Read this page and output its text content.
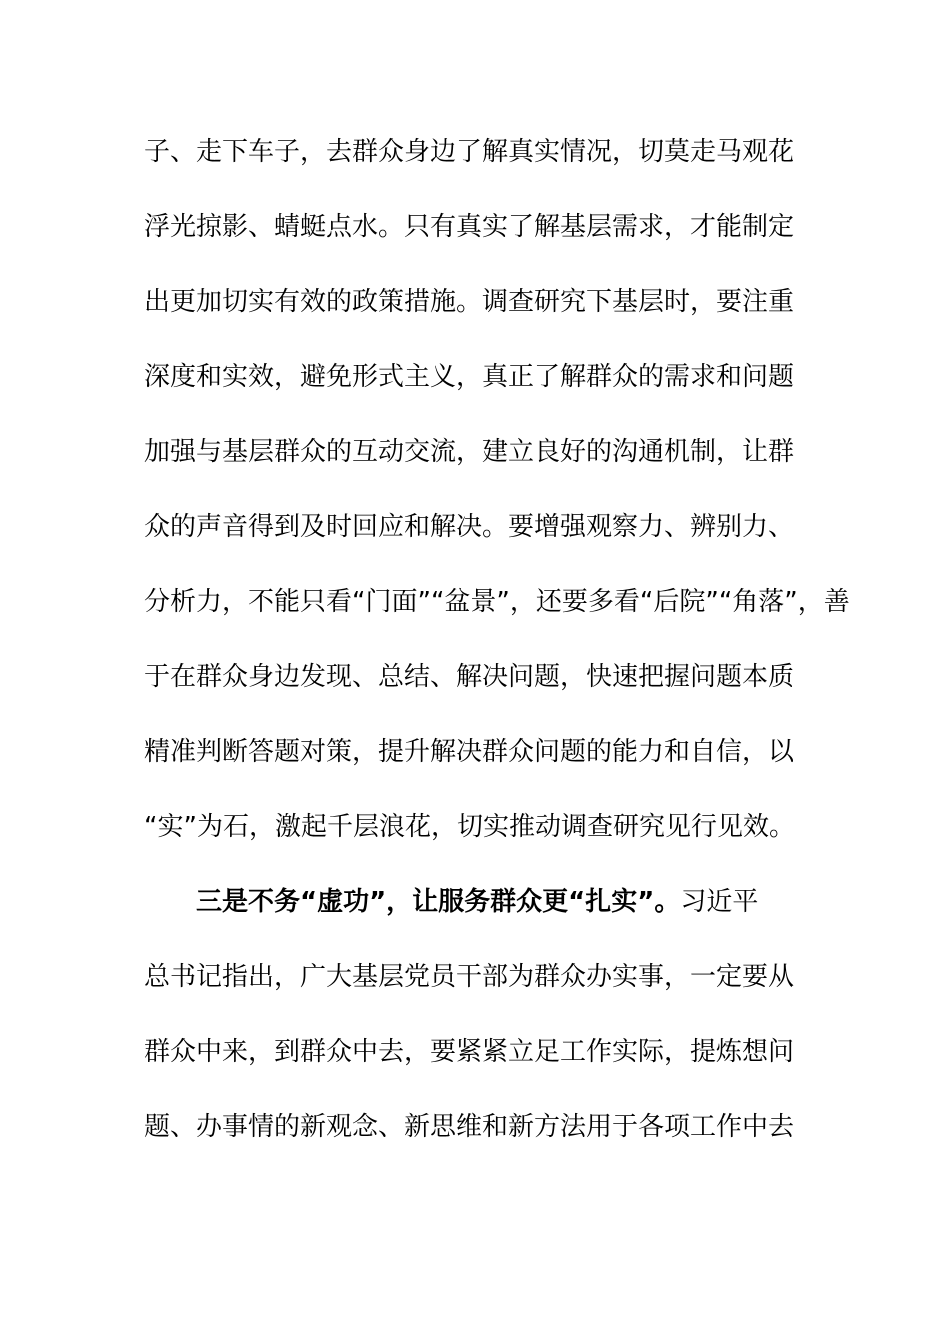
子、走下车子，去群众身边了解真实情况，切莫走马观花
浮光掠影、蜻蜓点水。只有真实了解基层需求，才能制定
出更加切实有效的政策措施。调查研究下基层时，要注重
深度和实效，避免形式主义，真正了解群众的需求和问题
加强与基层群众的互动交流，建立良好的沟通机制，让群
众的声音得到及时回应和解决。要增强观察力、辨别力、
分析力，不能只看“门面”“盆景”，还要多看“后院”“角落”，善
于在群众身边发现、总结、解决问题，快速把握问题本质
精准判断答题对策，提升解决群众问题的能力和自信，以
“实”为石，激起千层浪花，切实推动调查研究见行见效。
三是不务“虚功”，让服务群众更“扎实”。习近平
总书记指出，广大基层党员干部为群众办实事，一定要从
群众中来，到群众中去，要紧紧立足工作实际，提炼想问
题、办事情的新观念、新思维和新方法用于各项工作中去
